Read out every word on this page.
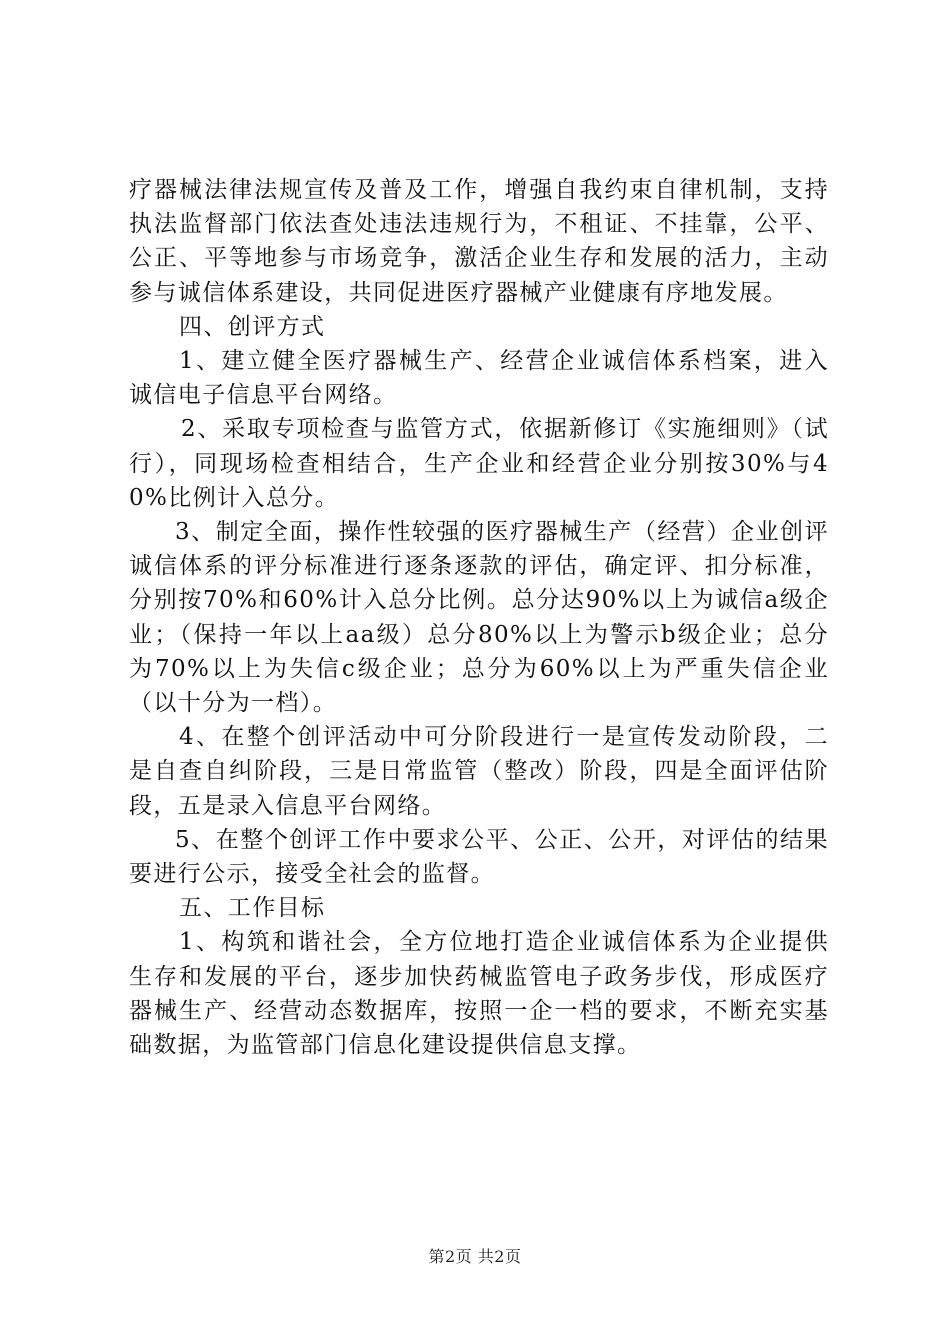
疗器械法律法规宣传及普及工作，增强自我约束自律机制，支持执法监督部门依法查处违法违规行为，不租证、不挂靠，公平、公正、平等地参与市场竞争，激活企业生存和发展的活力，主动参与诚信体系建设，共同促进医疗器械产业健康有序地发展。

四、创评方式

1、建立健全医疗器械生产、经营企业诚信体系档案，进入诚信电子信息平台网络。

2、采取专项检查与监管方式，依据新修订《实施细则》（试行），同现场检查相结合，生产企业和经营企业分别按30%与40%比例计入总分。

3、制定全面，操作性较强的医疗器械生产（经营）企业创评诚信体系的评分标准进行逐条逐款的评估，确定评、扣分标准，分别按70%和60%计入总分比例。总分达90%以上为诚信a级企业；（保持一年以上aa级）总分80%以上为警示b级企业；总分为70%以上为失信c级企业；总分为60%以上为严重失信企业（以十分为一档）。

4、在整个创评活动中可分阶段进行一是宣传发动阶段，二是自查自纠阶段，三是日常监管（整改）阶段，四是全面评估阶段，五是录入信息平台网络。

5、在整个创评工作中要求公平、公正、公开，对评估的结果要进行公示，接受全社会的监督。

五、工作目标

1、构筑和谐社会，全方位地打造企业诚信体系为企业提供生存和发展的平台，逐步加快药械监管电子政务步伐，形成医疗器械生产、经营动态数据库，按照一企一档的要求，不断充实基础数据，为监管部门信息化建设提供信息支撑。

第2页 共2页
